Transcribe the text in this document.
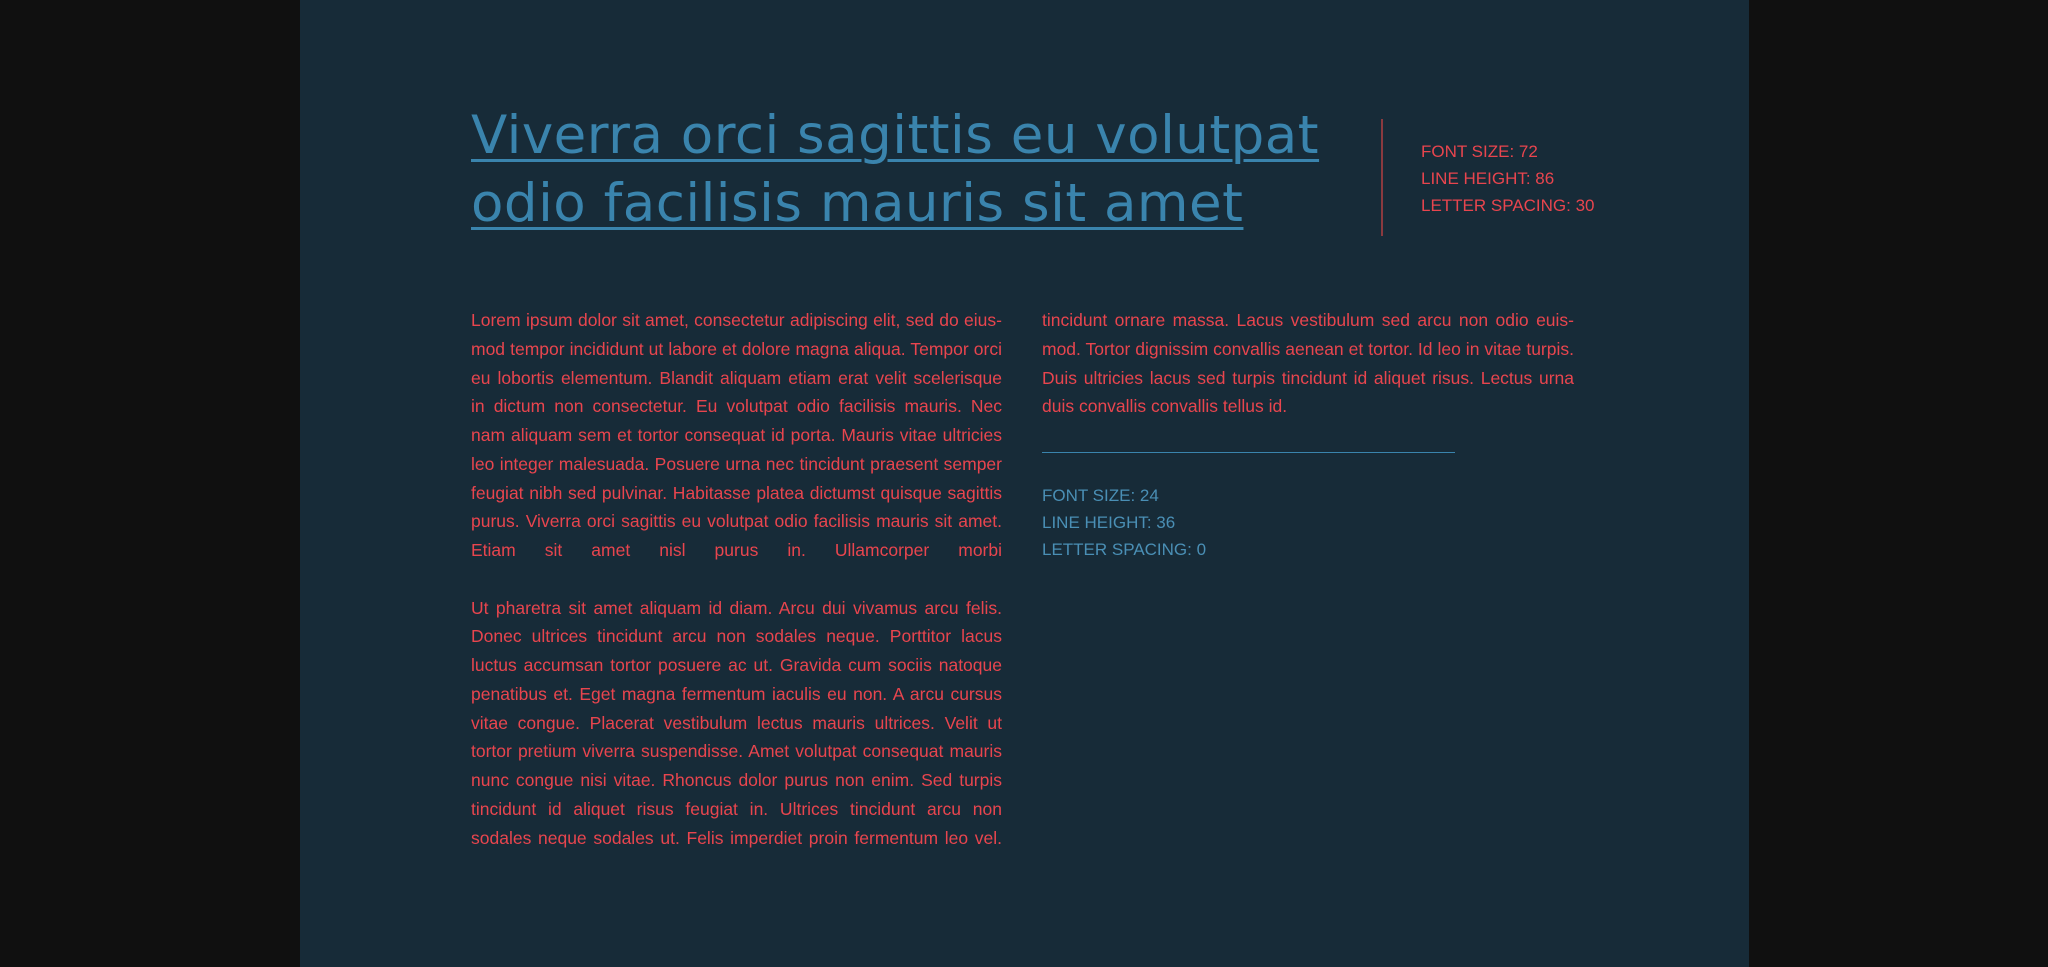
Viverra orci sagittis eu volutpat odio facilisis mauris sit amet
FONT SIZE: 72
LINE HEIGHT: 86
LETTER SPACING: 30

Lorem ipsum dolor sit amet, consectetur adipiscing elit, sed do eiusmod tempor incididunt ut labore et dolore magna aliqua. Tempor orci eu lobortis elementum. Blandit aliquam etiam erat velit scelerisque in dictum non consectetur. Eu volutpat odio facilisis mauris. Nec nam aliquam sem et tortor consequat id porta. Mauris vitae ultricies leo integer malesuada. Posuere urna nec tincidunt praesent semper feugiat nibh sed pulvinar. Habitasse platea dictumst quisque sagittis purus. Viverra orci sagittis eu volutpat odio facilisis mauris sit amet. Etiam sit amet nisl purus in. Ullamcorper morbi

Ut pharetra sit amet aliquam id diam. Arcu dui vivamus arcu felis. Donec ultrices tincidunt arcu non sodales neque. Porttitor lacus luctus accumsan tortor posuere ac ut. Gravida cum sociis natoque penatibus et. Eget magna fermentum iaculis eu non. A arcu cursus vitae congue. Placerat vestibulum lectus mauris ultrices. Velit ut tortor pretium viverra suspendisse. Amet volutpat consequat mauris nunc congue nisi vitae. Rhoncus dolor purus non enim. Sed turpis tincidunt id aliquet risus feugiat in. Ultrices tincidunt arcu non sodales neque sodales ut. Felis imperdiet proin fermentum leo vel.

tincidunt ornare massa. Lacus vestibulum sed arcu non odio euismod. Tortor dignissim convallis aenean et tortor. Id leo in vitae turpis. Duis ultricies lacus sed turpis tincidunt id aliquet risus. Lectus urna duis convallis convallis tellus id.

FONT SIZE: 24
LINE HEIGHT: 36
LETTER SPACING: 0
